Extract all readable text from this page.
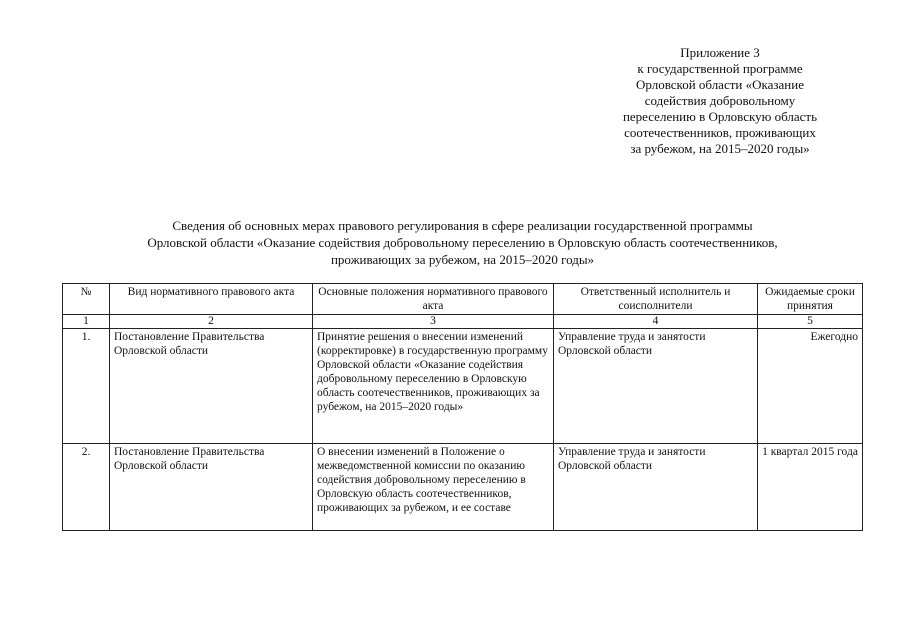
Приложение 3
к государственной программе
Орловской области «Оказание
содействия добровольному
переселению в Орловскую область
соотечественников, проживающих
за рубежом, на 2015–2020 годы»
Сведения об основных мерах правового регулирования в сфере реализации государственной программы
Орловской области «Оказание содействия добровольному переселению в Орловскую область соотечественников,
проживающих за рубежом, на 2015–2020 годы»
№	Вид нормативного правового акта	Основные положения нормативного правового акта	Ответственный исполнитель и соисполнители	Ожидаемые сроки принятия
1	2	3	4	5
1.	Постановление Правительства Орловской области	Принятие решения о внесении изменений (корректировке) в государственную программу Орловской области «Оказание содействия добровольному переселению в Орловскую область соотечественников, проживающих за рубежом, на 2015–2020 годы»	Управление труда и занятости Орловской области	Ежегодно
2.	Постановление Правительства Орловской области	О внесении изменений в Положение о межведомственной комиссии по оказанию содействия добровольному переселению в Орловскую область соотечественников, проживающих за рубежом, и ее составе	Управление труда и занятости Орловской области	1 квартал 2015 года
